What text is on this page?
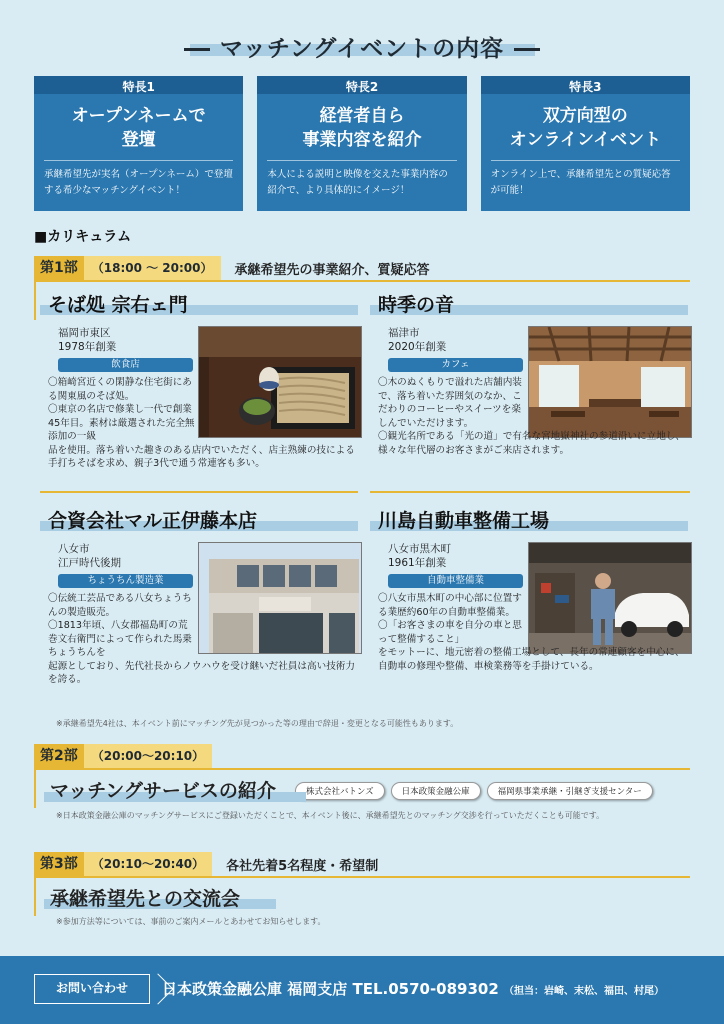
マッチングイベントの内容
特長1
オープンネームで
登壇
承継希望先が実名（オープンネーム）で登壇する希少なマッチングイベント！
特長2
経営者自ら
事業内容を紹介
本人による説明と映像を交えた事業内容の紹介で、より具体的にイメージ！
特長3
双方向型の
オンラインイベント
オンライン上で、承継希望先との質疑応答が可能！
■カリキュラム
第1部	（18:00 ～ 20:00）	承継希望先の事業紹介、質疑応答
そば処 宗右ェ門
福岡市東区
1978年創業
飲食店
〇箱崎宮近くの閑静な住宅街にある関東風のそば処。
〇東京の名店で修業し一代で創業45年目。素材は厳選された完全無添加の一級
品を使用。落ち着いた趣きのある店内でいただく、店主熟練の技による手打ちそばを求め、親子3代で通う常連客も多い。
時季の音
福津市
2020年創業
カフェ
〇木のぬくもりで溢れた店舗内装で、落ち着いた雰囲気のなか、こだわりのコーヒーやスイーツを楽しんでいただけます。
〇観光名所である「光の道」で有名な宮地嶽神社の参道沿いに立地し、様々な年代層のお客さまがご来店されます。
合資会社マル正伊藤本店
八女市
江戸時代後期
ちょうちん製造業
〇伝統工芸品である八女ちょうちんの製造販売。
〇1813年頃、八女郡福島町の荒巻文右衛門によって作られた馬乗ちょうちんを
起源としており、先代社長からノウハウを受け継いだ社員は高い技術力を誇る。
川島自動車整備工場
八女市黒木町
1961年創業
自動車整備業
〇八女市黒木町の中心部に位置する業歴約60年の自動車整備業。
〇「お客さまの車を自分の車と思って整備すること」
をモットーに、地元密着の整備工場として、長年の常連顧客を中心に、自動車の修理や整備、車検業務等を手掛けている。
※承継希望先4社は、本イベント前にマッチング先が見つかった等の理由で辞退・変更となる可能性もあります。
第2部	（20:00～20:10）
マッチングサービスの紹介	株式会社バトンズ	日本政策金融公庫	福岡県事業承継・引継ぎ支援センター
※日本政策金融公庫のマッチングサービスにご登録いただくことで、本イベント後に、承継希望先とのマッチング交渉を行っていただくことも可能です。
第3部	（20:10～20:40）	各社先着5名程度・希望制
承継希望先との交流会
※参加方法等については、事前のご案内メールとあわせてお知らせします。
お問い合わせ	日本政策金融公庫 福岡支店 TEL.0570-089302 （担当：岩崎、末松、福田、村尾）
